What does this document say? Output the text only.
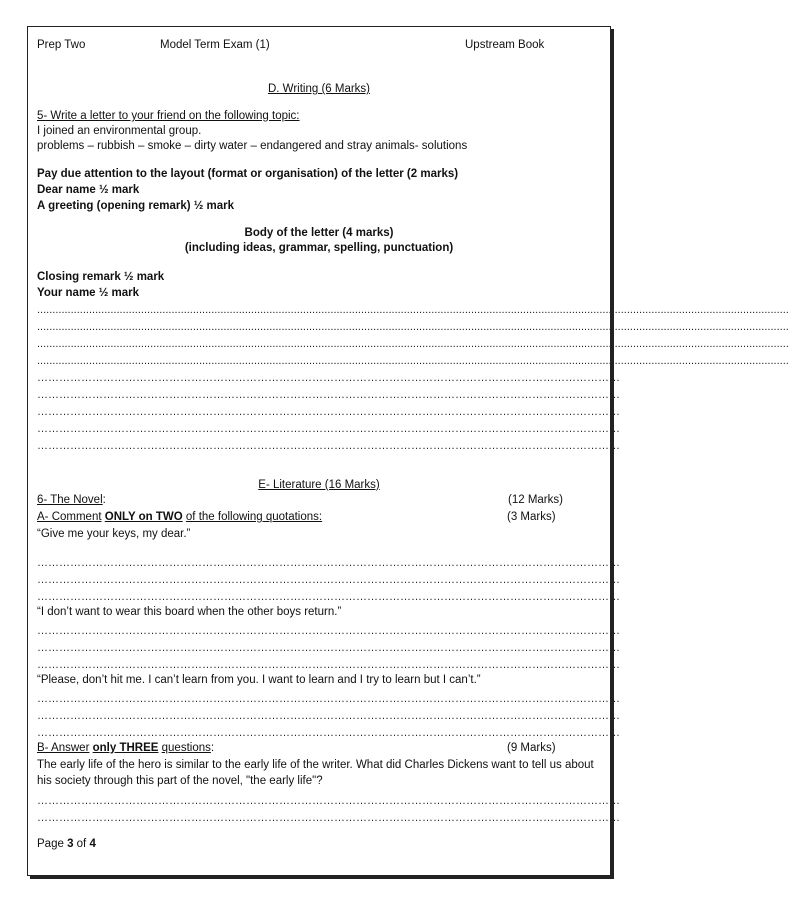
Prep Two	Model Term Exam (1)	Upstream Book
D. Writing (6 Marks)
5- Write a letter to your friend on the following topic:
I joined an environmental group.
problems – rubbish – smoke – dirty water – endangered and stray animals- solutions
Pay due attention to the layout (format or organisation) of the letter (2 marks)
Dear name ½ mark
A greeting (opening remark) ½ mark
Body of the letter (4 marks)
(including ideas, grammar, spelling, punctuation)
Closing remark ½ mark
Your name ½ mark
......................................................................................................................................................................................................................................................
......................................................................................................................................................................................................................................................
......................................................................................................................................................................................................................................................
......................................................................................................................................................................................................................................................
……………………………………………………………………………………………………………………………………………
……………………………………………………………………………………………………………………………………………
……………………………………………………………………………………………………………………………………………
……………………………………………………………………………………………………………………………………………
……………………………………………………………………………………………………………………………………………
E- Literature (16 Marks)
6- The Novel:	(12 Marks)
A- Comment ONLY on TWO of the following quotations:	(3 Marks)
“Give me your keys, my dear.”
……………………………………………………………………………………………………………………………………………
……………………………………………………………………………………………………………………………………………
……………………………………………………………………………………………………………………………………………
“I don’t want to wear this board when the other boys return.”
……………………………………………………………………………………………………………………………………………
……………………………………………………………………………………………………………………………………………
……………………………………………………………………………………………………………………………………………
“Please, don’t hit me. I can’t learn from you. I want to learn and I try to learn but I can’t.”
……………………………………………………………………………………………………………………………………………
……………………………………………………………………………………………………………………………………………
……………………………………………………………………………………………………………………………………………
B- Answer only THREE questions:	(9 Marks)
The early life of the hero is similar to the early life of the writer. What did Charles Dickens want to tell us about
his society through this part of the novel, "the early life"?
……………………………………………………………………………………………………………………………………………
……………………………………………………………………………………………………………………………………………
Page 3 of 4
